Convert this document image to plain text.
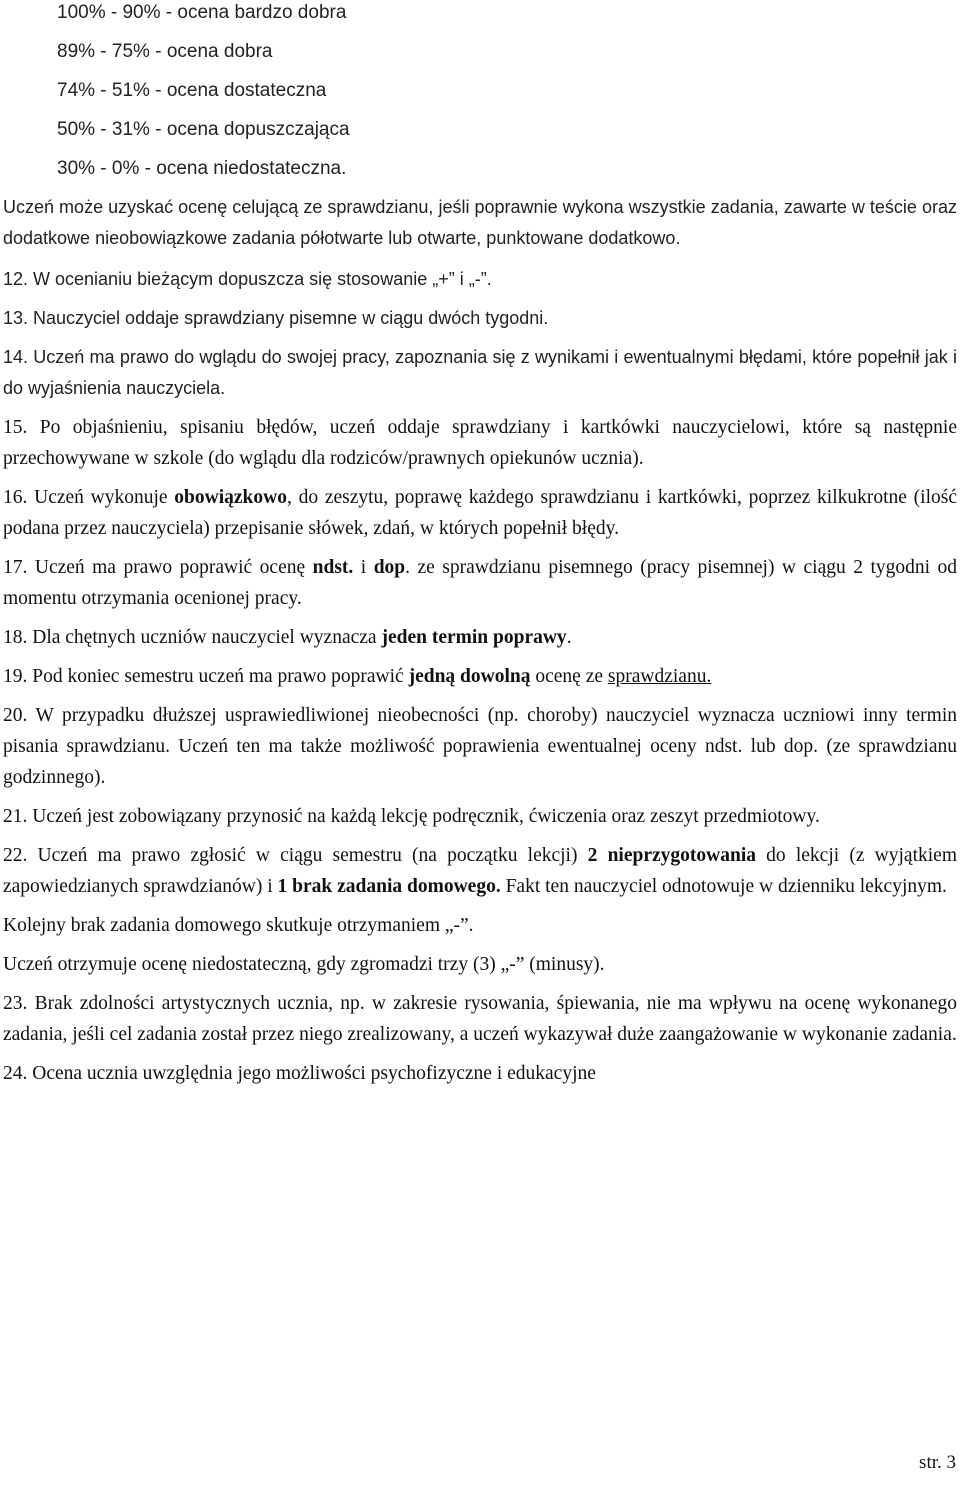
100% - 90% - ocena bardzo dobra
89% - 75% - ocena dobra
74% - 51% - ocena dostateczna
50% - 31% - ocena dopuszczająca
30% - 0% - ocena niedostateczna.

Uczeń może uzyskać ocenę celującą ze sprawdzianu, jeśli poprawnie wykona wszystkie zadania, zawarte w teście oraz dodatkowe nieobowiązkowe zadania półotwarte lub otwarte, punktowane dodatkowo.

12. W ocenianiu bieżącym dopuszcza się stosowanie „+” i „-”.

13. Nauczyciel oddaje sprawdziany pisemne w ciągu dwóch tygodni.

14. Uczeń ma prawo do wglądu do swojej pracy, zapoznania się z wynikami i ewentualnymi błędami, które popełnił jak i do wyjaśnienia nauczyciela.

15. Po objaśnieniu, spisaniu błędów, uczeń oddaje sprawdziany i kartkówki nauczycielowi, które są następnie przechowywane w szkole (do wglądu dla rodziców/prawnych opiekunów ucznia).

16. Uczeń wykonuje obowiązkowo, do zeszytu, poprawę każdego sprawdzianu i kartkówki, poprzez kilkukrotne (ilość podana przez nauczyciela) przepisanie słówek, zdań, w których popełnił błędy.

17. Uczeń ma prawo poprawić ocenę ndst. i dop. ze sprawdzianu pisemnego (pracy pisemnej) w ciągu 2 tygodni od momentu otrzymania ocenionej pracy.

18. Dla chętnych uczniów nauczyciel wyznacza jeden termin poprawy.

19. Pod koniec semestru uczeń ma prawo poprawić jedną dowolną ocenę ze sprawdzianu.

20. W przypadku dłuższej usprawiedliwionej nieobecności (np. choroby) nauczyciel wyznacza uczniowi inny termin pisania sprawdzianu. Uczeń ten ma także możliwość poprawienia ewentualnej oceny ndst. lub dop. (ze sprawdzianu godzinnego).

21. Uczeń jest zobowiązany przynosić na każdą lekcję podręcznik, ćwiczenia oraz zeszyt przedmiotowy.

22. Uczeń ma prawo zgłosić w ciągu semestru (na początku lekcji) 2 nieprzygotowania do lekcji (z wyjątkiem zapowiedzianych sprawdzianów) i 1 brak zadania domowego. Fakt ten nauczyciel odnotowuje w dzienniku lekcyjnym.

Kolejny brak zadania domowego skutkuje otrzymaniem „-”.

Uczeń otrzymuje ocenę niedostateczną, gdy zgromadzi trzy (3) „-” (minusy).

23. Brak zdolności artystycznych ucznia, np. w zakresie rysowania, śpiewania, nie ma wpływu na ocenę wykonanego zadania, jeśli cel zadania został przez niego zrealizowany, a uczeń wykazywał duże zaangażowanie w wykonanie zadania.

24. Ocena ucznia uwzględnia jego możliwości psychofizyczne i edukacyjne

str. 3
